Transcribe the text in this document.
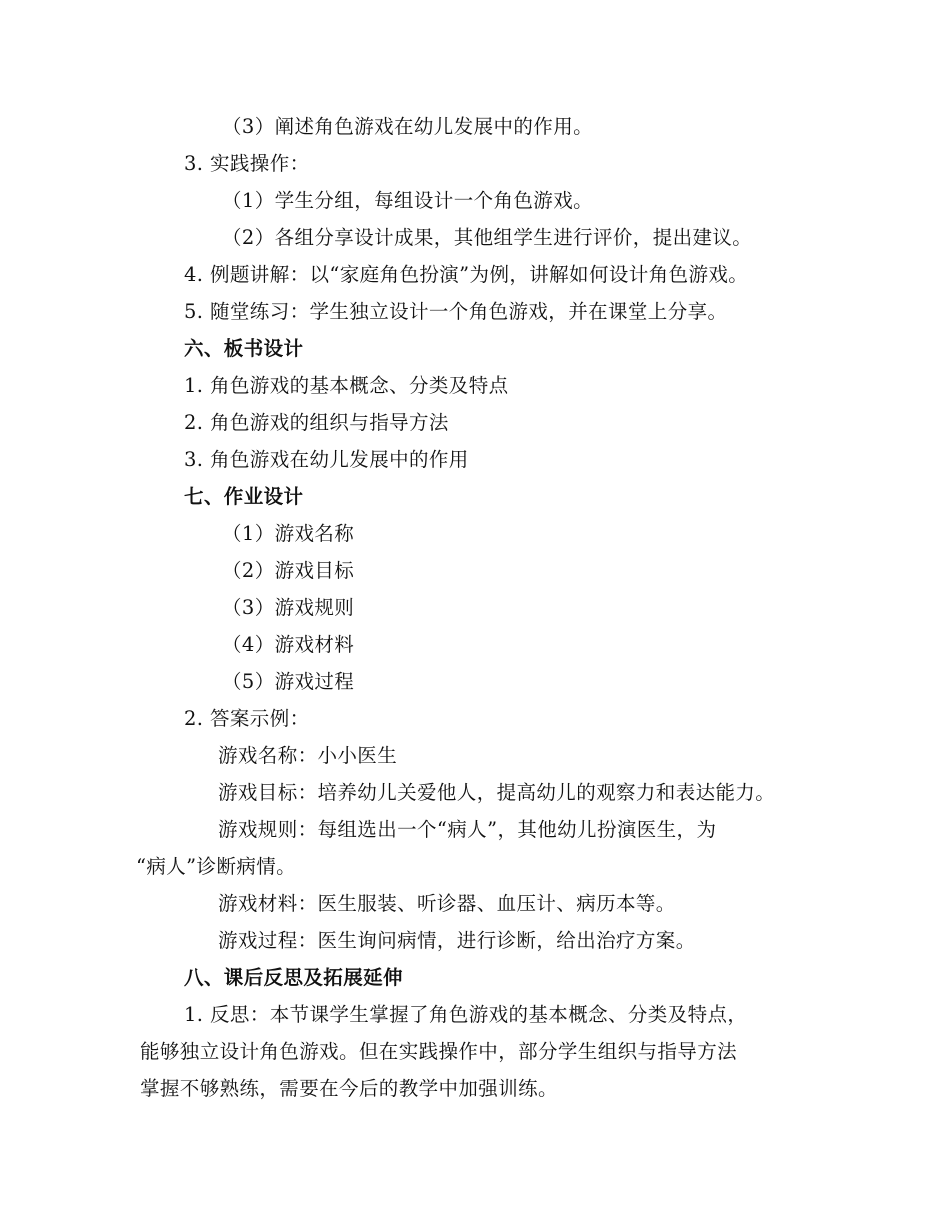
（3）阐述角色游戏在幼儿发展中的作用。
3. 实践操作：
（1）学生分组，每组设计一个角色游戏。
（2）各组分享设计成果，其他组学生进行评价，提出建议。
4. 例题讲解：以“家庭角色扮演”为例，讲解如何设计角色游戏。
5. 随堂练习：学生独立设计一个角色游戏，并在课堂上分享。
六、板书设计
1. 角色游戏的基本概念、分类及特点
2. 角色游戏的组织与指导方法
3. 角色游戏在幼儿发展中的作用
七、作业设计
（1）游戏名称
（2）游戏目标
（3）游戏规则
（4）游戏材料
（5）游戏过程
2. 答案示例：
游戏名称：小小医生
游戏目标：培养幼儿关爱他人，提高幼儿的观察力和表达能力。
游戏规则：每组选出一个“病人”，其他幼儿扮演医生，为
“病人”诊断病情。
游戏材料：医生服装、听诊器、血压计、病历本等。
游戏过程：医生询问病情，进行诊断，给出治疗方案。
八、课后反思及拓展延伸
1. 反思：本节课学生掌握了角色游戏的基本概念、分类及特点，
能够独立设计角色游戏。但在实践操作中，部分学生组织与指导方法
掌握不够熟练，需要在今后的教学中加强训练。
